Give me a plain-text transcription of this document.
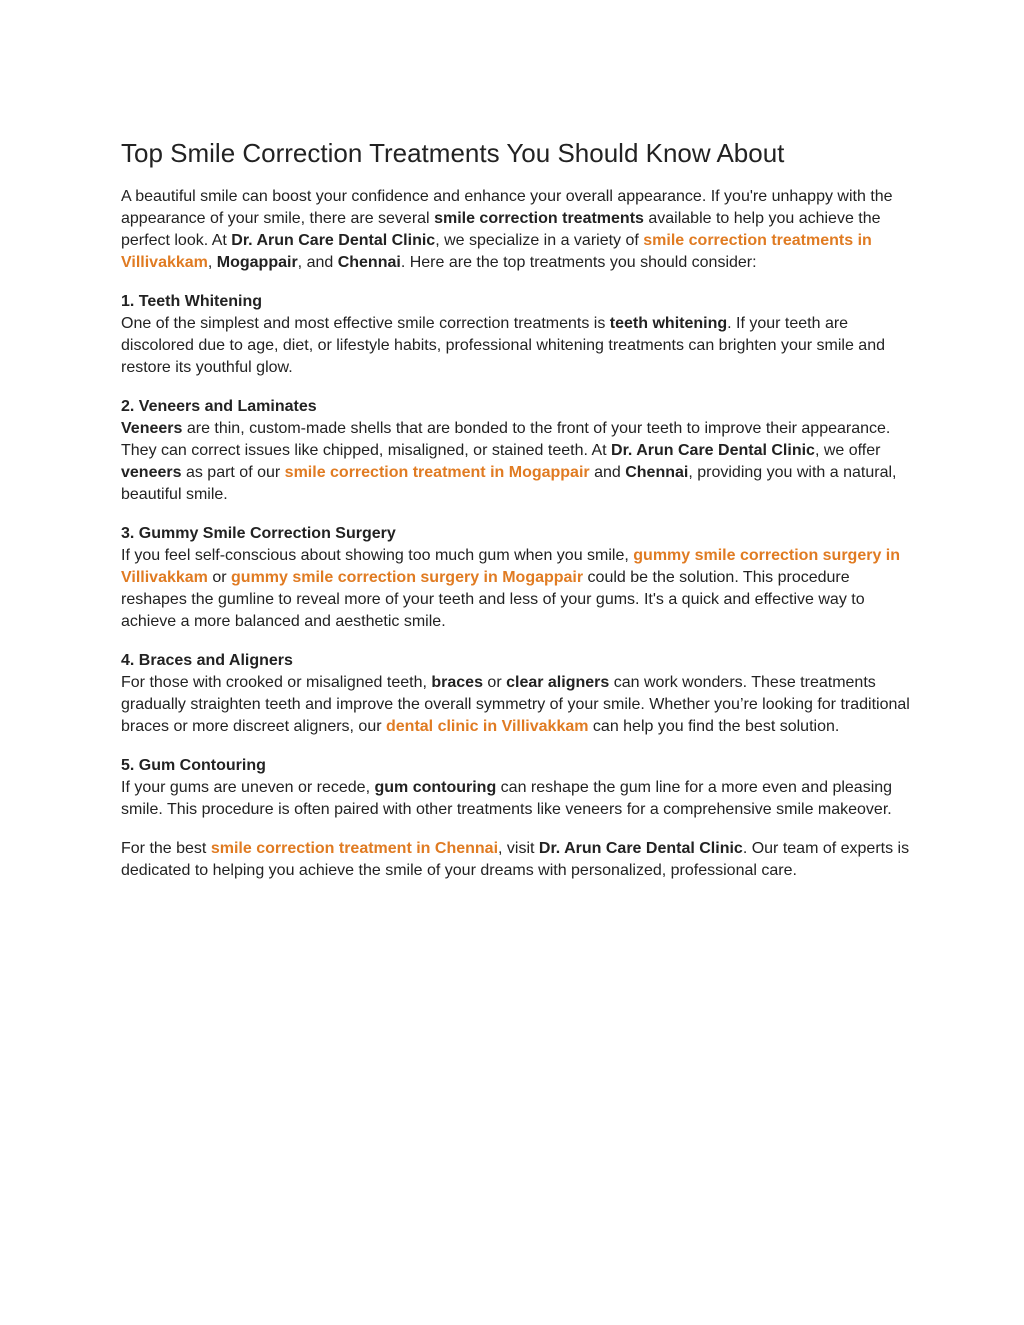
Top Smile Correction Treatments You Should Know About

A beautiful smile can boost your confidence and enhance your overall appearance. If you're unhappy with the appearance of your smile, there are several smile correction treatments available to help you achieve the perfect look. At Dr. Arun Care Dental Clinic, we specialize in a variety of smile correction treatments in Villivakkam, Mogappair, and Chennai. Here are the top treatments you should consider:

1. Teeth Whitening
One of the simplest and most effective smile correction treatments is teeth whitening. If your teeth are discolored due to age, diet, or lifestyle habits, professional whitening treatments can brighten your smile and restore its youthful glow.

2. Veneers and Laminates
Veneers are thin, custom-made shells that are bonded to the front of your teeth to improve their appearance. They can correct issues like chipped, misaligned, or stained teeth. At Dr. Arun Care Dental Clinic, we offer veneers as part of our smile correction treatment in Mogappair and Chennai, providing you with a natural, beautiful smile.

3. Gummy Smile Correction Surgery
If you feel self-conscious about showing too much gum when you smile, gummy smile correction surgery in Villivakkam or gummy smile correction surgery in Mogappair could be the solution. This procedure reshapes the gumline to reveal more of your teeth and less of your gums. It's a quick and effective way to achieve a more balanced and aesthetic smile.

4. Braces and Aligners
For those with crooked or misaligned teeth, braces or clear aligners can work wonders. These treatments gradually straighten teeth and improve the overall symmetry of your smile. Whether you’re looking for traditional braces or more discreet aligners, our dental clinic in Villivakkam can help you find the best solution.

5. Gum Contouring
If your gums are uneven or recede, gum contouring can reshape the gum line for a more even and pleasing smile. This procedure is often paired with other treatments like veneers for a comprehensive smile makeover.

For the best smile correction treatment in Chennai, visit Dr. Arun Care Dental Clinic. Our team of experts is dedicated to helping you achieve the smile of your dreams with personalized, professional care.
